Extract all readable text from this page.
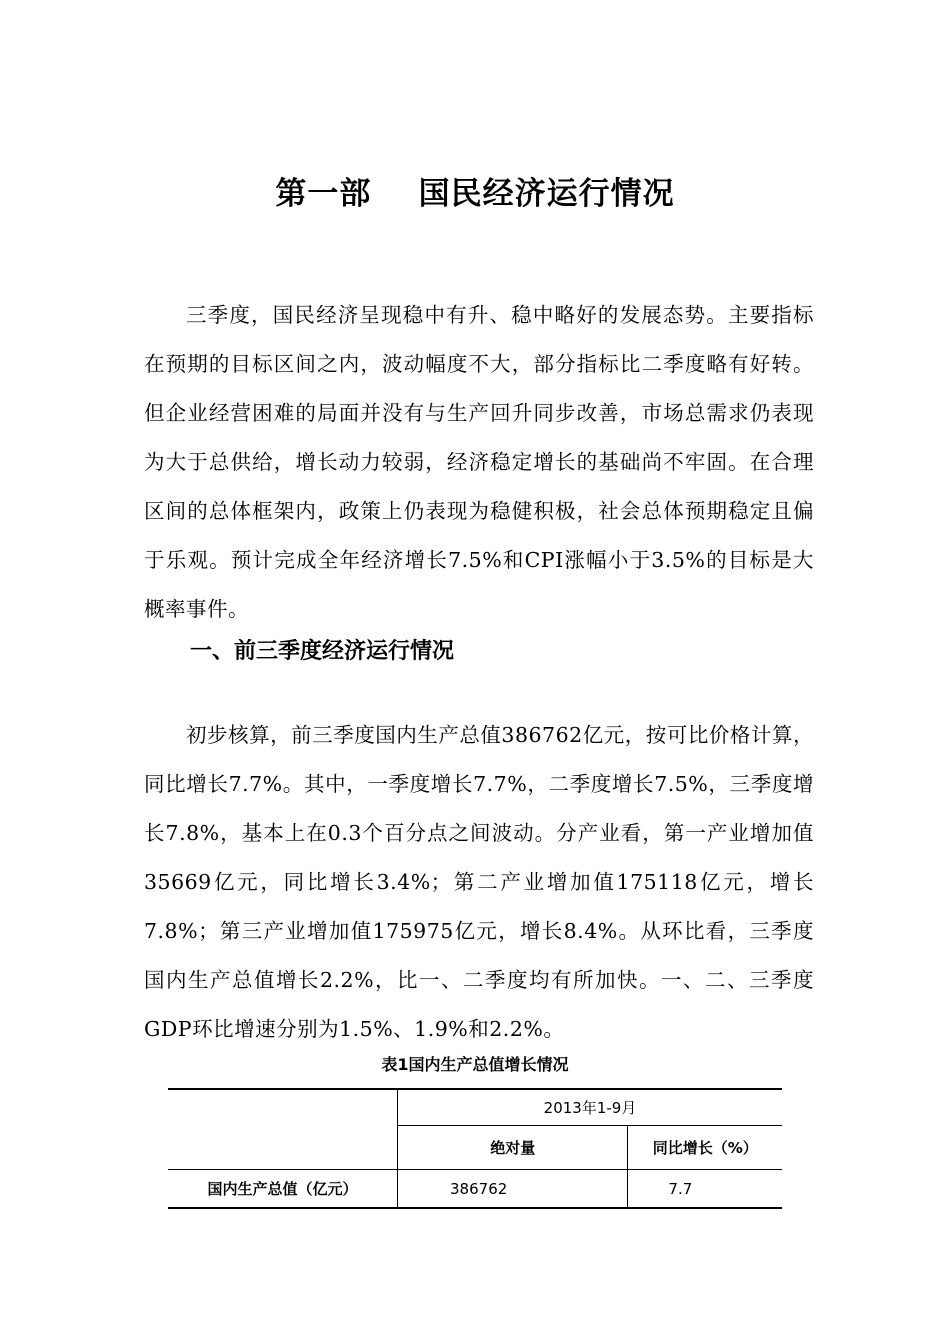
第一部    国民经济运行情况

三季度，国民经济呈现稳中有升、稳中略好的发展态势。主要指标在预期的目标区间之内，波动幅度不大，部分指标比二季度略有好转。但企业经营困难的局面并没有与生产回升同步改善，市场总需求仍表现为大于总供给，增长动力较弱，经济稳定增长的基础尚不牢固。在合理区间的总体框架内，政策上仍表现为稳健积极，社会总体预期稳定且偏于乐观。预计完成全年经济增长7.5%和CPI涨幅小于3.5%的目标是大概率事件。

一、前三季度经济运行情况

初步核算，前三季度国内生产总值386762亿元，按可比价格计算，同比增长7.7%。其中，一季度增长7.7%，二季度增长7.5%，三季度增长7.8%，基本上在0.3个百分点之间波动。分产业看，第一产业增加值35669亿元，同比增长3.4%；第二产业增加值175118亿元，增长7.8%；第三产业增加值175975亿元，增长8.4%。从环比看，三季度国内生产总值增长2.2%，比一、二季度均有所加快。一、二、三季度GDP环比增速分别为1.5%、1.9%和2.2%。

表1国内生产总值增长情况
	2013年1-9月	
	绝对量	同比增长（%）
国内生产总值（亿元）	386762	7.7
